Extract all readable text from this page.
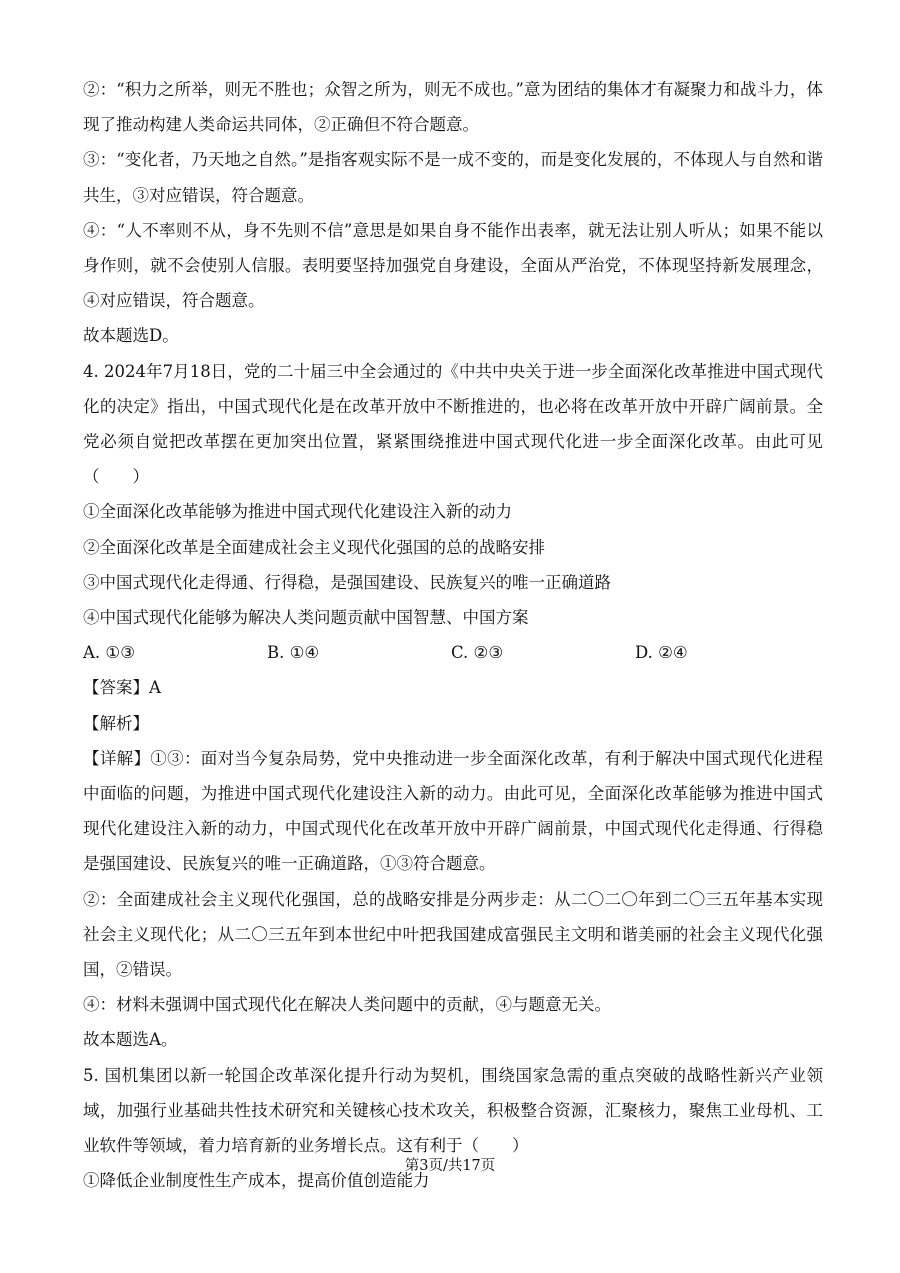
②：“积力之所举，则无不胜也；众智之所为，则无不成也。”意为团结的集体才有凝聚力和战斗力，体现了推动构建人类命运共同体，②正确但不符合题意。

③：“变化者，乃天地之自然。”是指客观实际不是一成不变的，而是变化发展的，不体现人与自然和谐共生，③对应错误，符合题意。

④：“人不率则不从，身不先则不信”意思是如果自身不能作出表率，就无法让别人听从；如果不能以身作则，就不会使别人信服。表明要坚持加强党自身建设，全面从严治党，不体现坚持新发展理念，④对应错误，符合题意。

故本题选D。

4. 2024年7月18日，党的二十届三中全会通过的《中共中央关于进一步全面深化改革推进中国式现代化的决定》指出，中国式现代化是在改革开放中不断推进的，也必将在改革开放中开辟广阔前景。全党必须自觉把改革摆在更加突出位置，紧紧围绕推进中国式现代化进一步全面深化改革。由此可见（　　）

①全面深化改革能够为推进中国式现代化建设注入新的动力

②全面深化改革是全面建成社会主义现代化强国的总的战略安排

③中国式现代化走得通、行得稳，是强国建设、民族复兴的唯一正确道路

④中国式现代化能够为解决人类问题贡献中国智慧、中国方案

A. ①③	B. ①④	C. ②③	D. ②④

【答案】A

【解析】

【详解】①③：面对当今复杂局势，党中央推动进一步全面深化改革，有利于解决中国式现代化进程中面临的问题，为推进中国式现代化建设注入新的动力。由此可见，全面深化改革能够为推进中国式现代化建设注入新的动力，中国式现代化在改革开放中开辟广阔前景，中国式现代化走得通、行得稳是强国建设、民族复兴的唯一正确道路，①③符合题意。

②：全面建成社会主义现代化强国，总的战略安排是分两步走：从二〇二〇年到二〇三五年基本实现社会主义现代化；从二〇三五年到本世纪中叶把我国建成富强民主文明和谐美丽的社会主义现代化强国，②错误。

④：材料未强调中国式现代化在解决人类问题中的贡献，④与题意无关。

故本题选A。

5. 国机集团以新一轮国企改革深化提升行动为契机，围绕国家急需的重点突破的战略性新兴产业领域，加强行业基础共性技术研究和关键核心技术攻关，积极整合资源，汇聚核力，聚焦工业母机、工业软件等领域，着力培育新的业务增长点。这有利于（　　）

①降低企业制度性生产成本，提高价值创造能力

第3页/共17页
